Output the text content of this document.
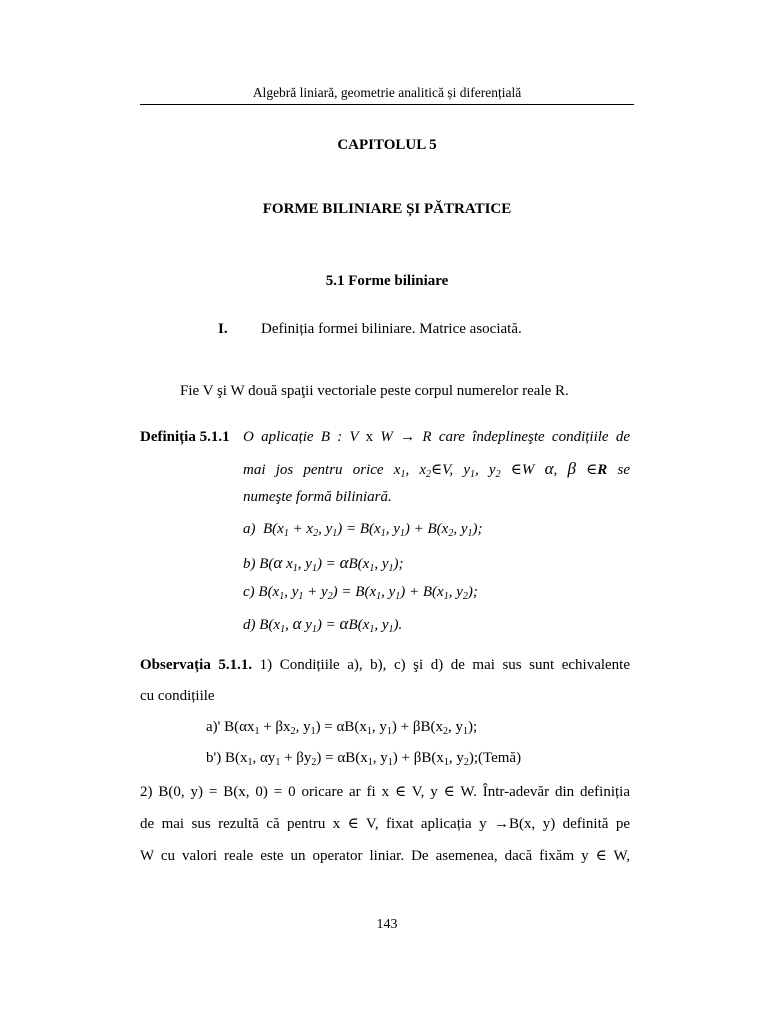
Algebră liniară, geometrie analitică și diferențială
CAPITOLUL 5
FORME BILINIARE ȘI PĂTRATICE
5.1 Forme biliniare
I. Definiția formei biliniare. Matrice asociată.
Fie V şi W două spaţii vectoriale peste corpul numerelor reale R.
Definiția 5.1.1 O aplicație B : V x W → R care îndeplineşte condițiile de
mai jos pentru orice $x_1$, $x_2\in V$, $y_1$, $y_2$ ∈W α, β ∈R se
numeşte formă biliniară.
a)  $B(x_1 + x_2$, $y_1) = B(x_1$, $y_1) + B(x_2$, $y_1$);
b) B(α $x_1$, $y_1) = \alpha B(x_1$, $y_1$);
c) $B(x_1$, $y_1 + y_2) = B(x_1$, $y_1) + B(x_1$, $y_2$);
d) $B(x_1$, α $y_1) = \alpha B(x_1$, $y_1$).
Observația 5.1.1. 1) Condițiile a), b), c) şi d) de mai sus sunt echivalente
cu condițiile
a)' $B(\alpha x_1 + \beta x_2$, $y_1) = \alpha B(x_1$, $y_1) + \beta B(x_2$, $y_1$);
b') $B(x_1$, $\alpha y_1 + \beta y_2) = \alpha B(x_1$, $y_1) + \beta B(x_1$, $y_2);(Temă)$
2) B(0, y) = B(x, 0) = 0 oricare ar fi x ∈ V, y ∈ W. Într-adevăr din definiția
de mai sus rezultă că pentru x ∈ V, fixat aplicația y →B(x, y) definită pe
W cu valori reale este un operator liniar. De asemenea, dacă fixăm y ∈ W,
143
